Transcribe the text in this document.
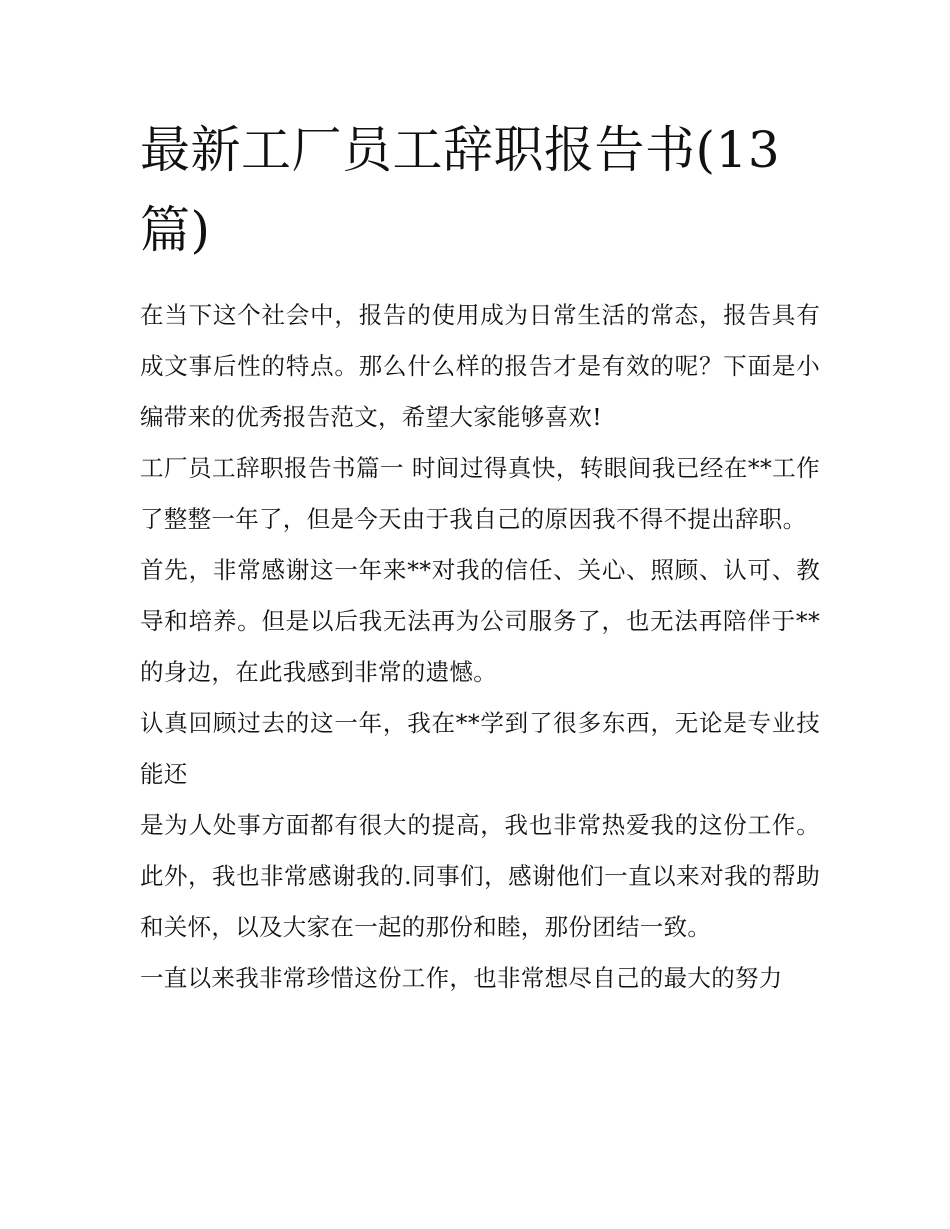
最新工厂员工辞职报告书(13篇)

在当下这个社会中，报告的使用成为日常生活的常态，报告具有成文事后性的特点。那么什么样的报告才是有效的呢？下面是小编带来的优秀报告范文，希望大家能够喜欢!

工厂员工辞职报告书篇一 时间过得真快，转眼间我已经在**工作了整整一年了，但是今天由于我自己的原因我不得不提出辞职。

首先，非常感谢这一年来**对我的信任、关心、照顾、认可、教导和培养。但是以后我无法再为公司服务了，也无法再陪伴于**的身边，在此我感到非常的遗憾。

认真回顾过去的这一年，我在**学到了很多东西，无论是专业技能还

是为人处事方面都有很大的提高，我也非常热爱我的这份工作。此外，我也非常感谢我的.同事们，感谢他们一直以来对我的帮助和关怀，以及大家在一起的那份和睦，那份团结一致。

一直以来我非常珍惜这份工作，也非常想尽自己的最大的努力
